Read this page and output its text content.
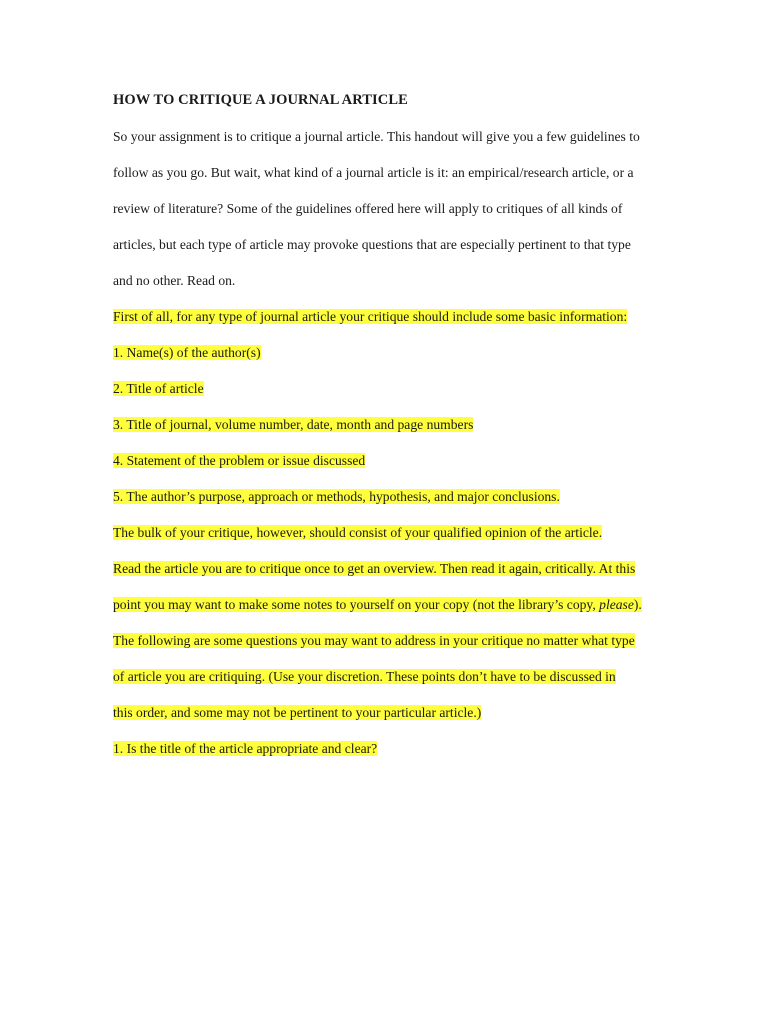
HOW TO CRITIQUE A JOURNAL ARTICLE

So your assignment is to critique a journal article. This handout will give you a few guidelines to

follow as you go. But wait, what kind of a journal article is it: an empirical/research article, or a

review of literature? Some of the guidelines offered here will apply to critiques of all kinds of

articles, but each type of article may provoke questions that are especially pertinent to that type

and no other. Read on.

First of all, for any type of journal article your critique should include some basic information:

1. Name(s) of the author(s)

2. Title of article

3. Title of journal, volume number, date, month and page numbers

4. Statement of the problem or issue discussed

5. The author’s purpose, approach or methods, hypothesis, and major conclusions.

The bulk of your critique, however, should consist of your qualified opinion of the article.

Read the article you are to critique once to get an overview. Then read it again, critically. At this

point you may want to make some notes to yourself on your copy (not the library’s copy, please).

The following are some questions you may want to address in your critique no matter what type

of article you are critiquing. (Use your discretion. These points don’t have to be discussed in

this order, and some may not be pertinent to your particular article.)

1. Is the title of the article appropriate and clear?
